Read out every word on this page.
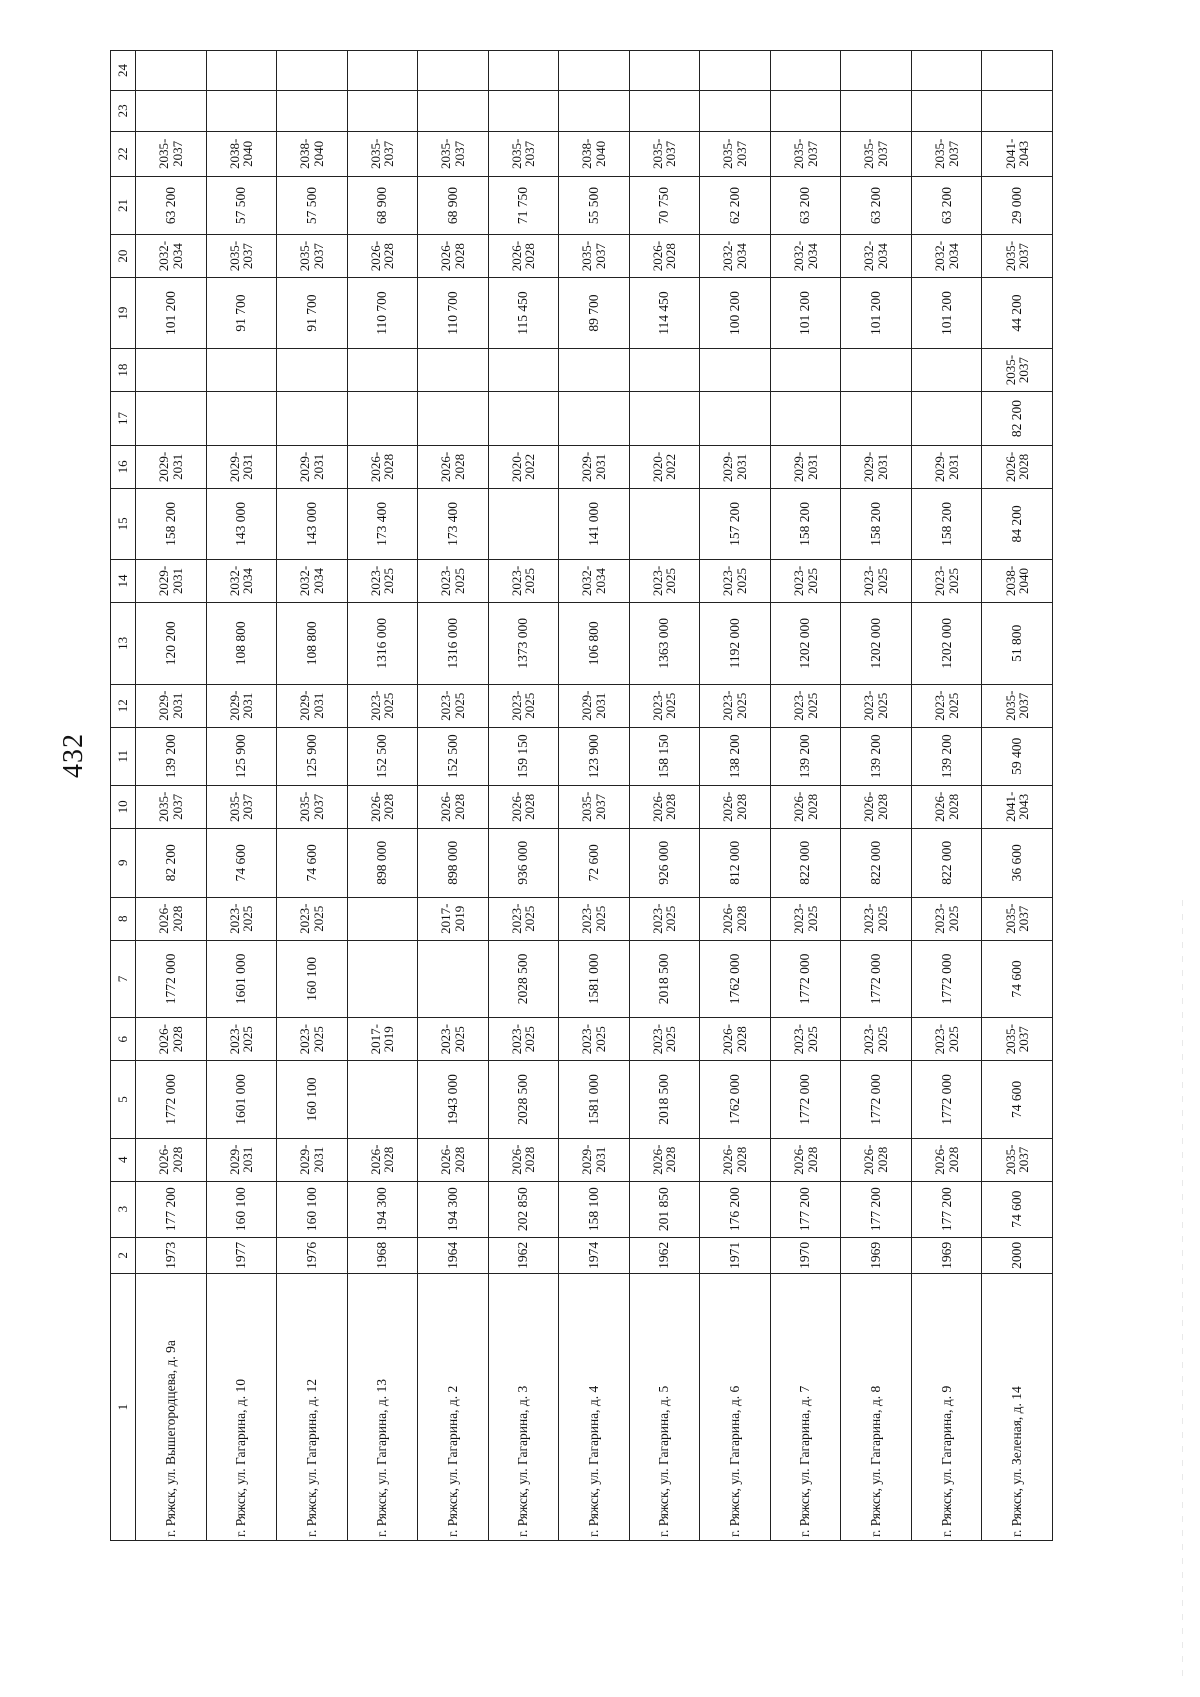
432
1	2	3	4	5	6	7	8	9	10	11	12	13	14	15	16	17	18	19	20	21	22	23	24
г. Ряжск, ул. Вышегородцева, д. 9а	1973	177 200	2026-2028	1772 000	2026-2028	1772 000	2026-2028	82 200	2035-2037	139 200	2029-2031	120 200	2029-2031	158 200	2029-2031			101 200	2032-2034	63 200	2035-2037		
г. Ряжск, ул. Гагарина, д. 10	1977	160 100	2029-2031	1601 000	2023-2025	1601 000	2023-2025	74 600	2035-2037	125 900	2029-2031	108 800	2032-2034	143 000	2029-2031			91 700	2035-2037	57 500	2038-2040		
г. Ряжск, ул. Гагарина, д. 12	1976	160 100	2029-2031	160 100	2023-2025	160 100	2023-2025	74 600	2035-2037	125 900	2029-2031	108 800	2032-2034	143 000	2029-2031			91 700	2035-2037	57 500	2038-2040		
г. Ряжск, ул. Гагарина, д. 13	1968	194 300	2026-2028		2017-2019			898 000	2026-2028	152 500	2023-2025	1316 000	2023-2025	173 400	2026-2028			110 700	2026-2028	68 900	2035-2037		
г. Ряжск, ул. Гагарина, д. 2	1964	194 300	2026-2028	1943 000	2023-2025		2017-2019	898 000	2026-2028	152 500	2023-2025	1316 000	2023-2025	173 400	2026-2028			110 700	2026-2028	68 900	2035-2037		
г. Ряжск, ул. Гагарина, д. 3	1962	202 850	2026-2028	2028 500	2023-2025	2028 500	2023-2025	936 000	2026-2028	159 150	2023-2025	1373 000	2023-2025		2020-2022			115 450	2026-2028	71 750	2035-2037		
г. Ряжск, ул. Гагарина, д. 4	1974	158 100	2029-2031	1581 000	2023-2025	1581 000	2023-2025	72 600	2035-2037	123 900	2029-2031	106 800	2032-2034	141 000	2029-2031			89 700	2035-2037	55 500	2038-2040		
г. Ряжск, ул. Гагарина, д. 5	1962	201 850	2026-2028	2018 500	2023-2025	2018 500	2023-2025	926 000	2026-2028	158 150	2023-2025	1363 000	2023-2025		2020-2022			114 450	2026-2028	70 750	2035-2037		
г. Ряжск, ул. Гагарина, д. 6	1971	176 200	2026-2028	1762 000	2026-2028	1762 000	2026-2028	812 000	2026-2028	138 200	2023-2025	1192 000	2023-2025	157 200	2029-2031			100 200	2032-2034	62 200	2035-2037		
г. Ряжск, ул. Гагарина, д. 7	1970	177 200	2026-2028	1772 000	2023-2025	1772 000	2023-2025	822 000	2026-2028	139 200	2023-2025	1202 000	2023-2025	158 200	2029-2031			101 200	2032-2034	63 200	2035-2037		
г. Ряжск, ул. Гагарина, д. 8	1969	177 200	2026-2028	1772 000	2023-2025	1772 000	2023-2025	822 000	2026-2028	139 200	2023-2025	1202 000	2023-2025	158 200	2029-2031			101 200	2032-2034	63 200	2035-2037		
г. Ряжск, ул. Гагарина, д. 9	1969	177 200	2026-2028	1772 000	2023-2025	1772 000	2023-2025	822 000	2026-2028	139 200	2023-2025	1202 000	2023-2025	158 200	2029-2031			101 200	2032-2034	63 200	2035-2037		
г. Ряжск, ул. Зеленая, д. 14	2000	74 600	2035-2037	74 600	2035-2037	74 600	2035-2037	36 600	2041-2043	59 400	2035-2037	51 800	2038-2040	84 200	2026-2028	82 200	2035-2037	44 200	2035-2037	29 000	2041-2043		
